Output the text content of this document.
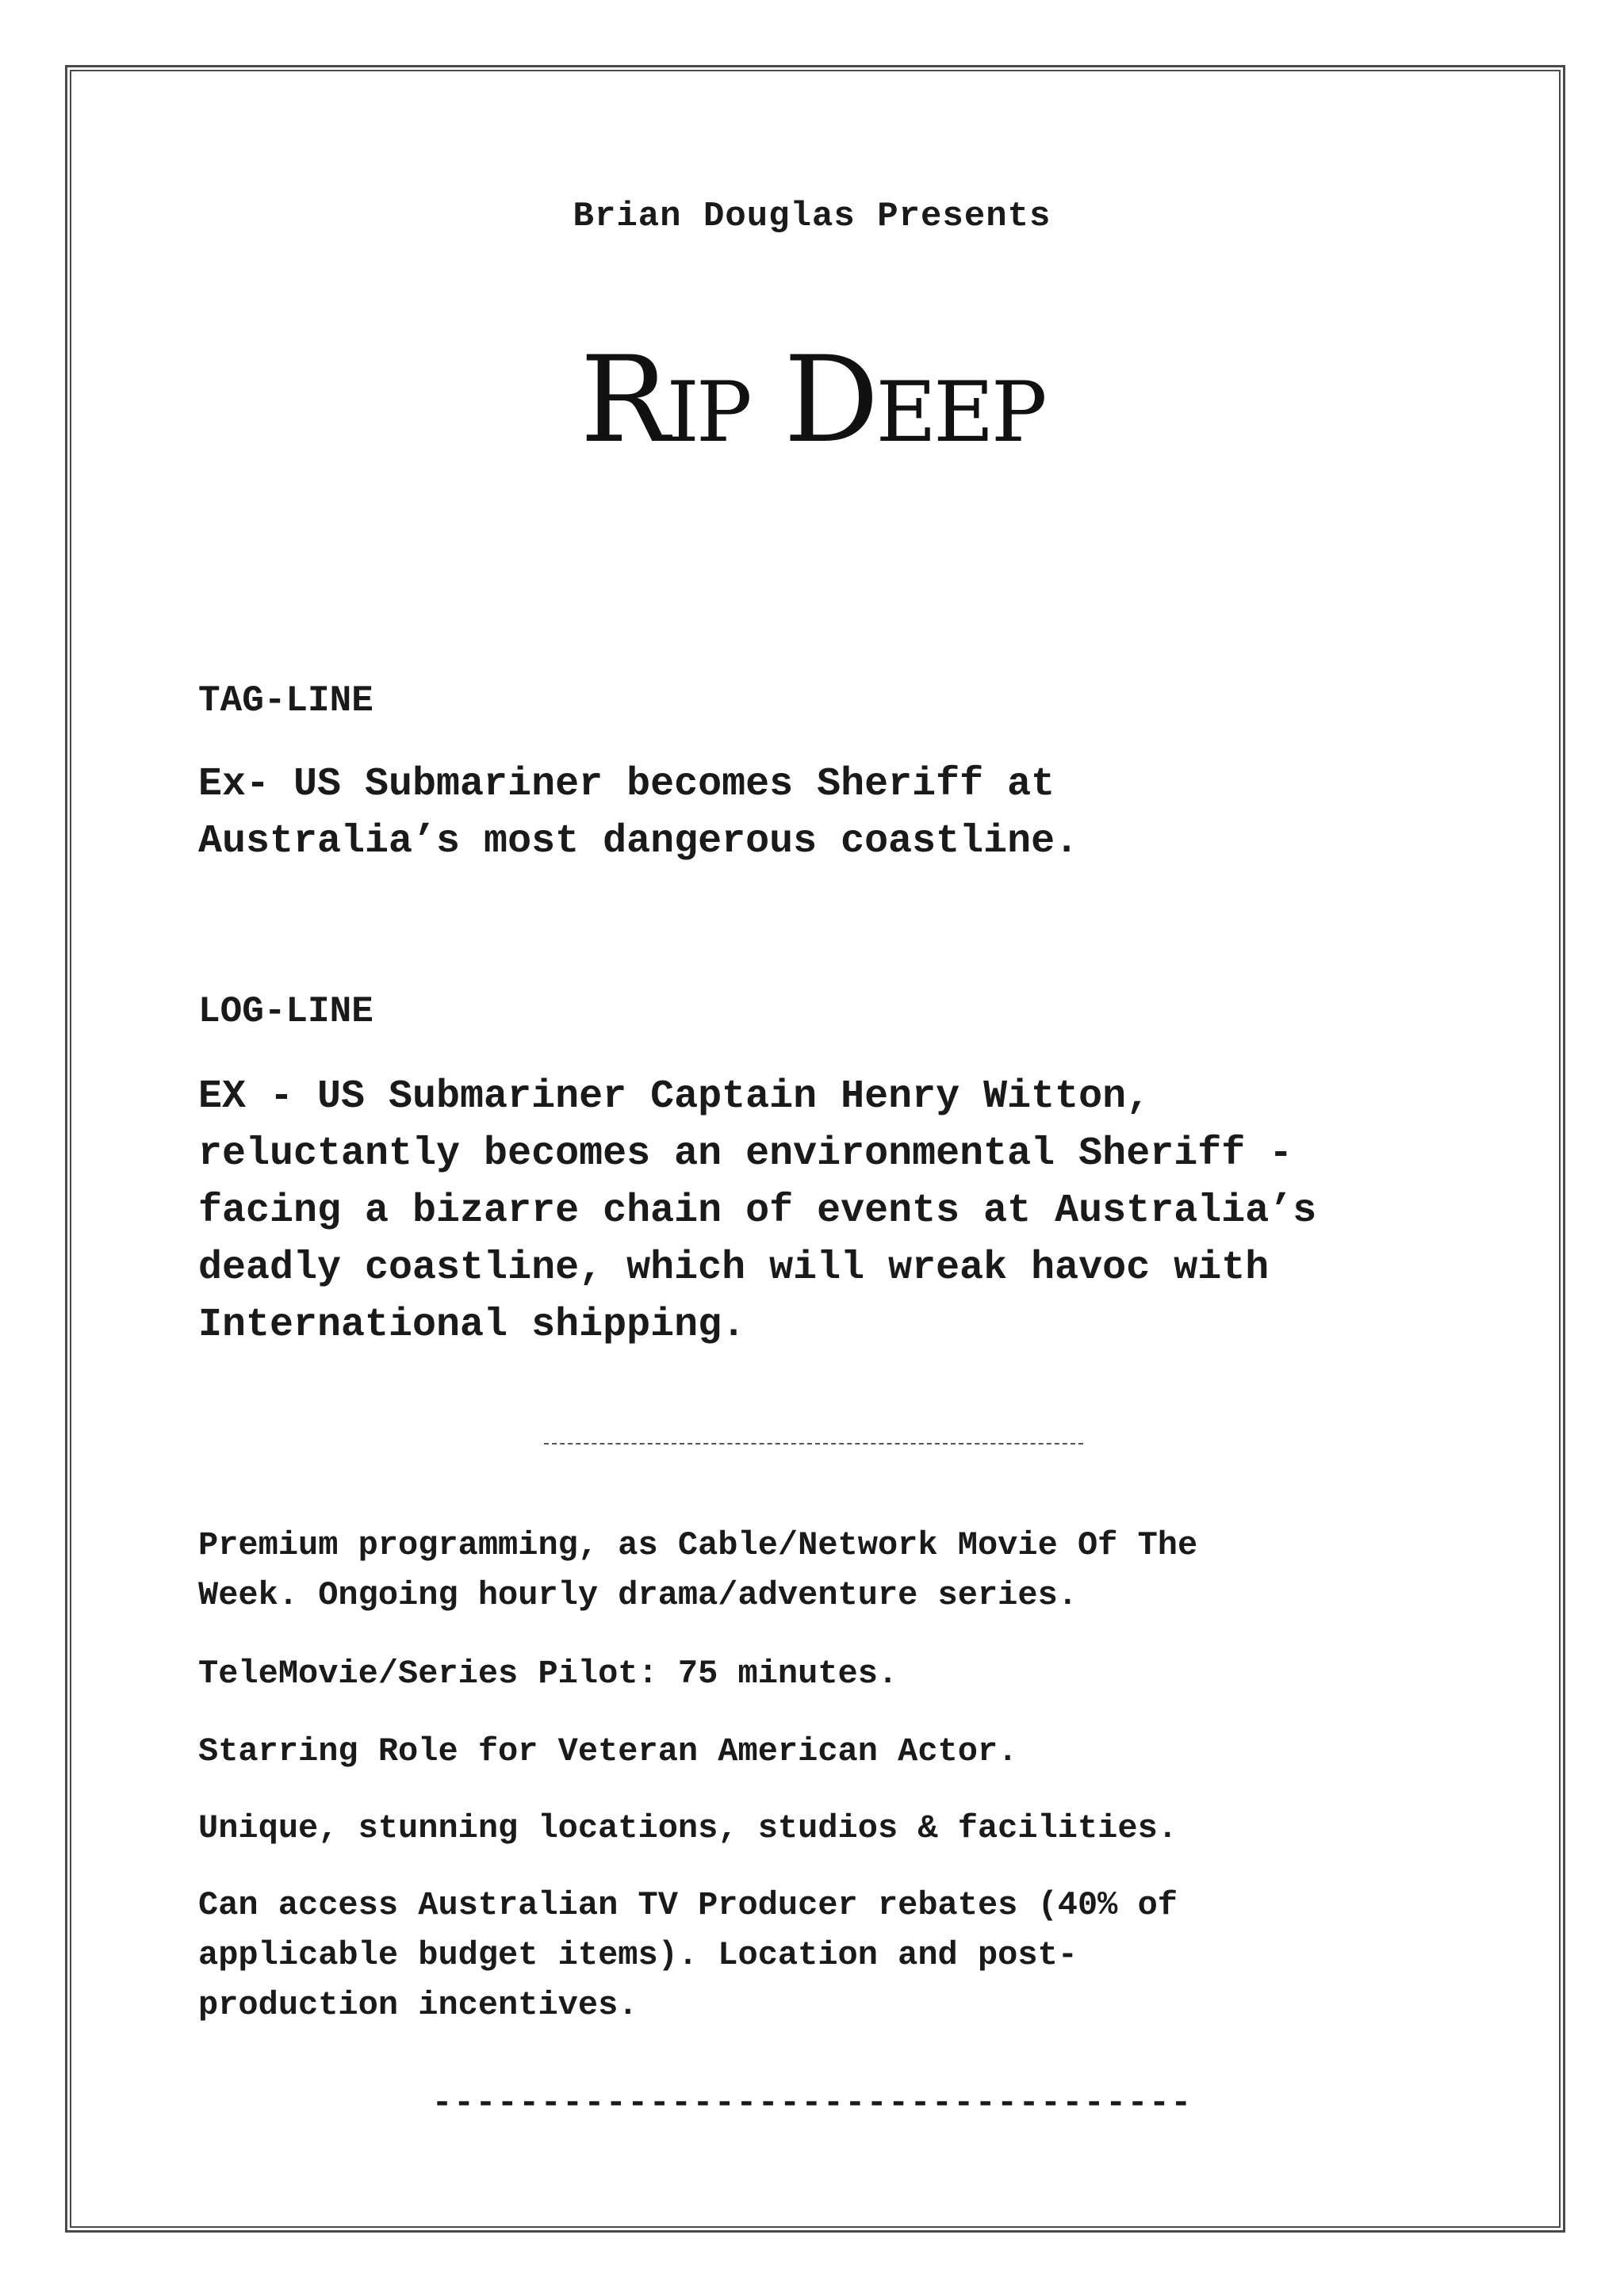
Brian Douglas Presents
Rip Deep
TAG-LINE
Ex- US Submariner becomes Sheriff at
Australia’s most dangerous coastline.
LOG-LINE
EX - US Submariner Captain Henry Witton,
reluctantly becomes an environmental Sheriff -
facing a bizarre chain of events at Australia’s
deadly coastline, which will wreak havoc with
International shipping.
Premium programming, as Cable/Network Movie Of The
Week. Ongoing hourly drama/adventure series.
TeleMovie/Series Pilot: 75 minutes.
Starring Role for Veteran American Actor.
Unique, stunning locations, studios & facilities.
Can access Australian TV Producer rebates (40% of
applicable budget items). Location and post-
production incentives.
-----------------------------------
